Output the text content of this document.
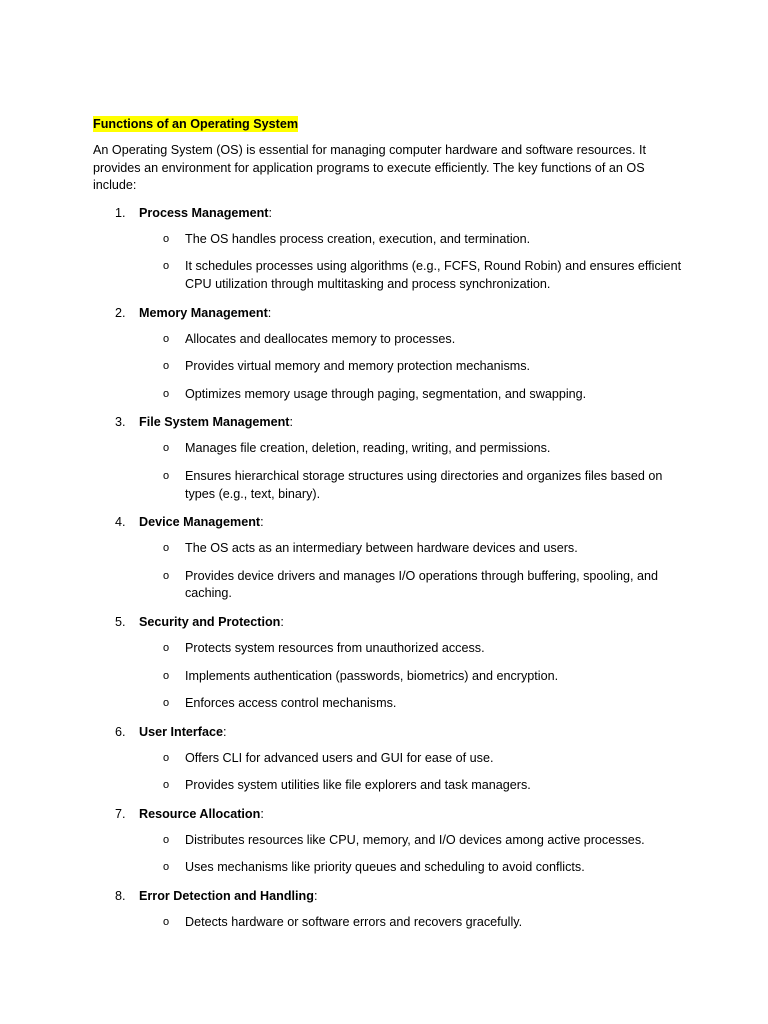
Functions of an Operating System

An Operating System (OS) is essential for managing computer hardware and software resources. It provides an environment for application programs to execute efficiently. The key functions of an OS include:

1. Process Management:
o The OS handles process creation, execution, and termination.
o It schedules processes using algorithms (e.g., FCFS, Round Robin) and ensures efficient CPU utilization through multitasking and process synchronization.
2. Memory Management:
o Allocates and deallocates memory to processes.
o Provides virtual memory and memory protection mechanisms.
o Optimizes memory usage through paging, segmentation, and swapping.
3. File System Management:
o Manages file creation, deletion, reading, writing, and permissions.
o Ensures hierarchical storage structures using directories and organizes files based on types (e.g., text, binary).
4. Device Management:
o The OS acts as an intermediary between hardware devices and users.
o Provides device drivers and manages I/O operations through buffering, spooling, and caching.
5. Security and Protection:
o Protects system resources from unauthorized access.
o Implements authentication (passwords, biometrics) and encryption.
o Enforces access control mechanisms.
6. User Interface:
o Offers CLI for advanced users and GUI for ease of use.
o Provides system utilities like file explorers and task managers.
7. Resource Allocation:
o Distributes resources like CPU, memory, and I/O devices among active processes.
o Uses mechanisms like priority queues and scheduling to avoid conflicts.
8. Error Detection and Handling:
o Detects hardware or software errors and recovers gracefully.
